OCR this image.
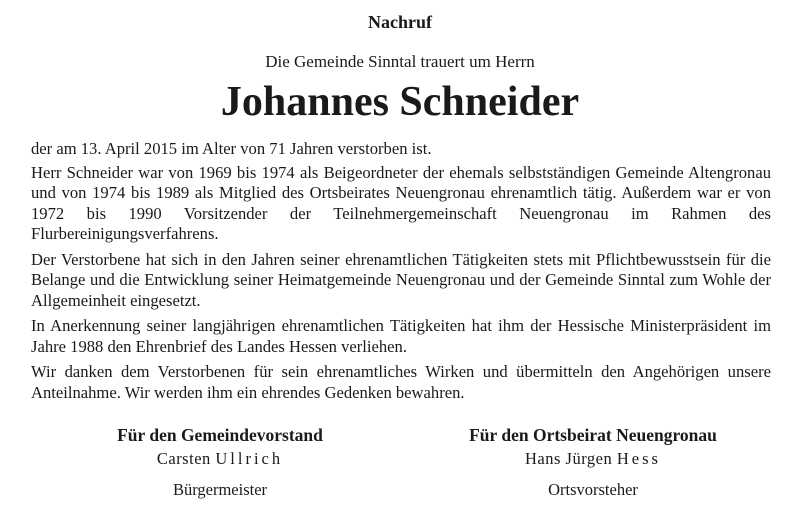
Nachruf
Die Gemeinde Sinntal trauert um Herrn
Johannes Schneider

der am 13. April 2015 im Alter von 71 Jahren verstorben ist.

Herr Schneider war von 1969 bis 1974 als Beigeordneter der ehemals selbstständigen Gemeinde Altengronau und von 1974 bis 1989 als Mitglied des Ortsbeirates Neuengronau ehrenamtlich tätig. Außerdem war er von 1972 bis 1990 Vorsitzender der Teilnehmergemeinschaft Neuengronau im Rahmen des Flurbereinigungsverfahrens.

Der Verstorbene hat sich in den Jahren seiner ehrenamtlichen Tätigkeiten stets mit Pflichtbewusstsein für die Belange und die Entwicklung seiner Heimatgemeinde Neuengronau und der Gemeinde Sinntal zum Wohle der Allgemeinheit eingesetzt.

In Anerkennung seiner langjährigen ehrenamtlichen Tätigkeiten hat ihm der Hessische Ministerpräsident im Jahre 1988 den Ehrenbrief des Landes Hessen verliehen.

Wir danken dem Verstorbenen für sein ehrenamtliches Wirken und übermitteln den Angehörigen unsere Anteilnahme. Wir werden ihm ein ehrendes Gedenken bewahren.

Für den Gemeindevorstand
Carsten Ullrich
Bürgermeister
Für den Ortsbeirat Neuengronau
Hans Jürgen Hess
Ortsvorsteher
